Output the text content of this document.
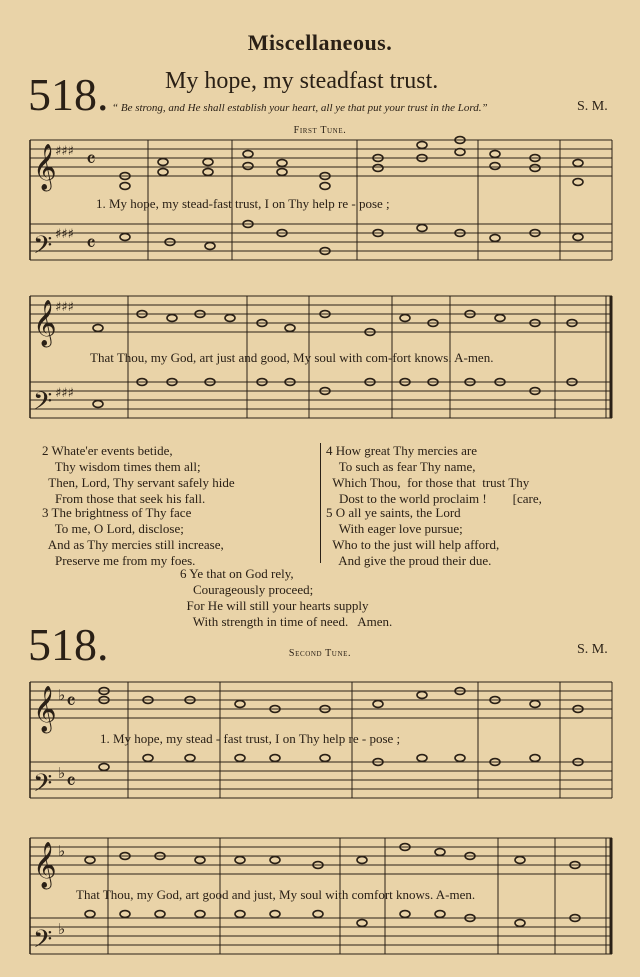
Miscellaneous.
518. My hope, my steadfast trust.
“ Be strong, and He shall establish your heart, all ye that put your trust in the Lord.”	S. M.
First Tune.
𝄞
𝄢
𝄞
𝄢
𝄞
𝄢
𝄞
𝄢
♯♯♯
♯♯♯
♯♯♯
♯♯♯
♭
♭
♭
♭
𝄴
𝄴
𝄴
𝄴
1. My hope, my stead-fast trust, I on Thy help re - pose ;
That Thou, my God, art just and good, My soul with com-fort knows. A-men.
2 Whate'er events betide,
Thy wisdom times them all;
Then, Lord, Thy servant safely hide
From those that seek his fall.
3 The brightness of Thy face
To me, O Lord, disclose;
And as Thy mercies still increase,
Preserve me from my foes.
4 How great Thy mercies are
To such as fear Thy name,
Which Thou,  for those that  trust Thy
Dost to the world proclaim !        [care,
5 O all ye saints, the Lord
With eager love pursue;
Who to the just will help afford,
And give the proud their due.
6 Ye that on God rely,
Courageously proceed;
For He will still your hearts supply
With strength in time of need.   Amen.
518.	Second Tune.	S. M.
1. My hope, my stead - fast trust, I on Thy help re - pose ;
That Thou, my God, art good and just, My soul with comfort knows. A-men.
